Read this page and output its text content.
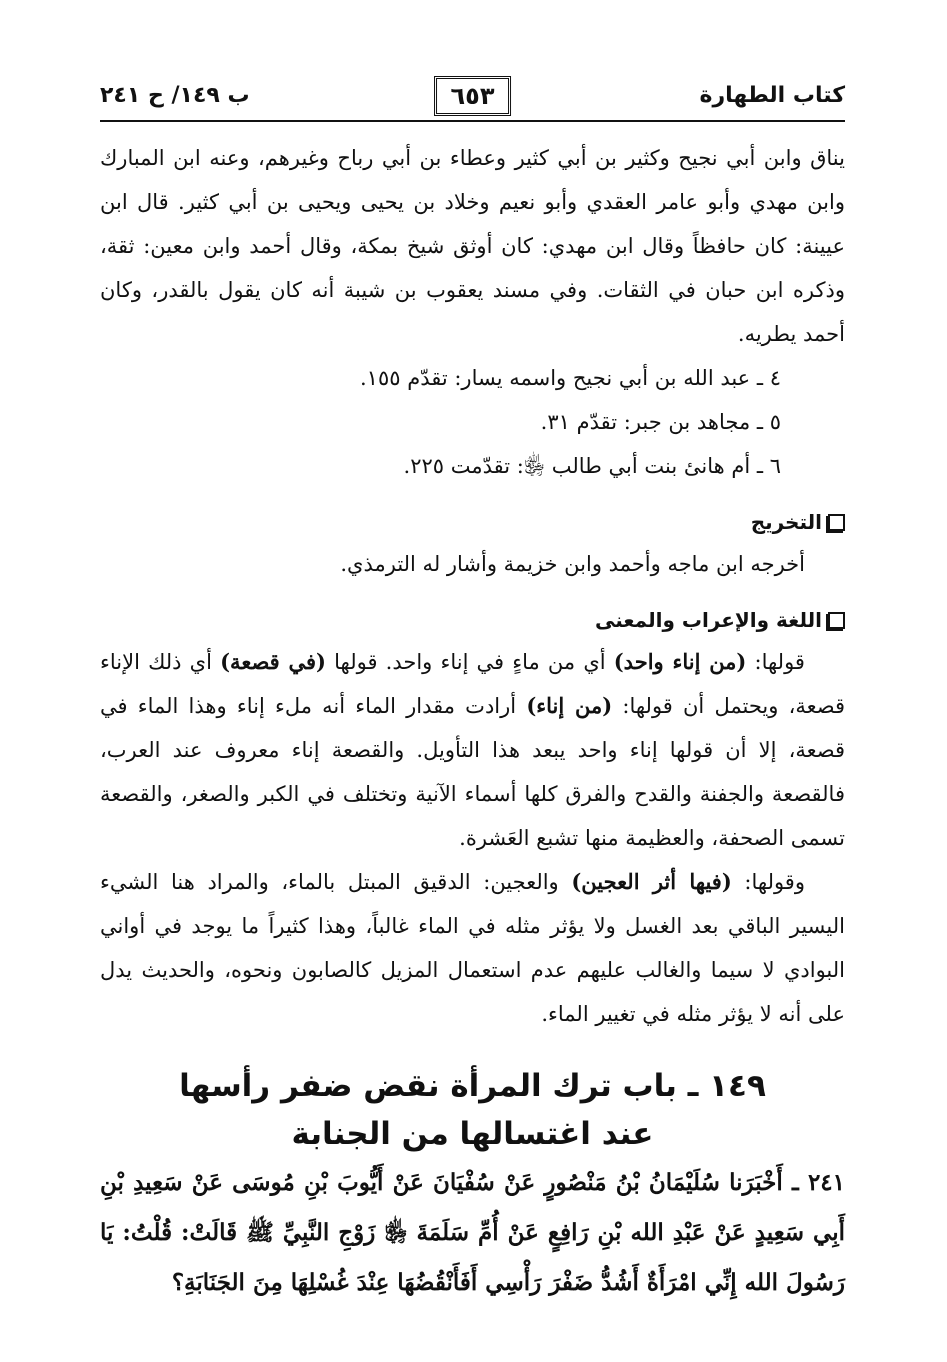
كتاب الطهارة
٦٥٣
ب ١٤٩/ ح ٢٤١

يناق وابن أبي نجيح وكثير بن أبي كثير وعطاء بن أبي رباح وغيرهم، وعنه ابن المبارك وابن مهدي وأبو عامر العقدي وأبو نعيم وخلاد بن يحيى ويحيى بن أبي كثير. قال ابن عيينة: كان حافظاً وقال ابن مهدي: كان أوثق شيخ بمكة، وقال أحمد وابن معين: ثقة، وذكره ابن حبان في الثقات. وفي مسند يعقوب بن شيبة أنه كان يقول بالقدر، وكان أحمد يطريه.

٤ ـ عبد الله بن أبي نجيح واسمه يسار: تقدّم ١٥٥.
٥ ـ مجاهد بن جبر: تقدّم ٣١.
٦ ـ أم هانئ بنت أبي طالب ﵂: تقدّمت ٢٢٥.
التخريج

أخرجه ابن ماجه وأحمد وابن خزيمة وأشار له الترمذي.

اللغة والإعراب والمعنى

قولها: (من إناء واحد) أي من ماءٍ في إناء واحد. قولها (في قصعة) أي ذلك الإناء قصعة، ويحتمل أن قولها: (من إناء) أرادت مقدار الماء أنه ملء إناء وهذا الماء في قصعة، إلا أن قولها إناء واحد يبعد هذا التأويل. والقصعة إناء معروف عند العرب، فالقصعة والجفنة والقدح والفرق كلها أسماء الآنية وتختلف في الكبر والصغر، والقصعة تسمى الصحفة، والعظيمة منها تشبع العَشرة.

وقولها: (فيها أثر العجين) والعجين: الدقيق المبتل بالماء، والمراد هنا الشيء اليسير الباقي بعد الغسل ولا يؤثر مثله في الماء غالباً، وهذا كثيراً ما يوجد في أواني البوادي لا سيما والغالب عليهم عدم استعمال المزيل كالصابون ونحوه، والحديث يدل على أنه لا يؤثر مثله في تغيير الماء.

١٤٩ ـ باب ترك المرأة نقض ضفر رأسها
عند اغتسالها من الجنابة

٢٤١ ـ أَخْبَرَنا سُلَيْمَانُ بْنُ مَنْصُورٍ عَنْ سُفْيَانَ عَنْ أَيُّوبَ بْنِ مُوسَى عَنْ سَعِيدِ بْنِ أَبِي سَعِيدٍ عَنْ عَبْدِ الله بْنِ رَافِعٍ عَنْ أُمِّ سَلَمَةَ ﵂ زَوْجِ النَّبِيِّ ﷺ قَالَتْ: قُلْتُ: يَا رَسُولَ الله إِنِّي امْرَأَةٌ أَشُدُّ ضَفْرَ رَأْسِي أَفَأَنْقُضُهَا عِنْدَ غُسْلِهَا مِنَ الجَنَابَةِ؟
